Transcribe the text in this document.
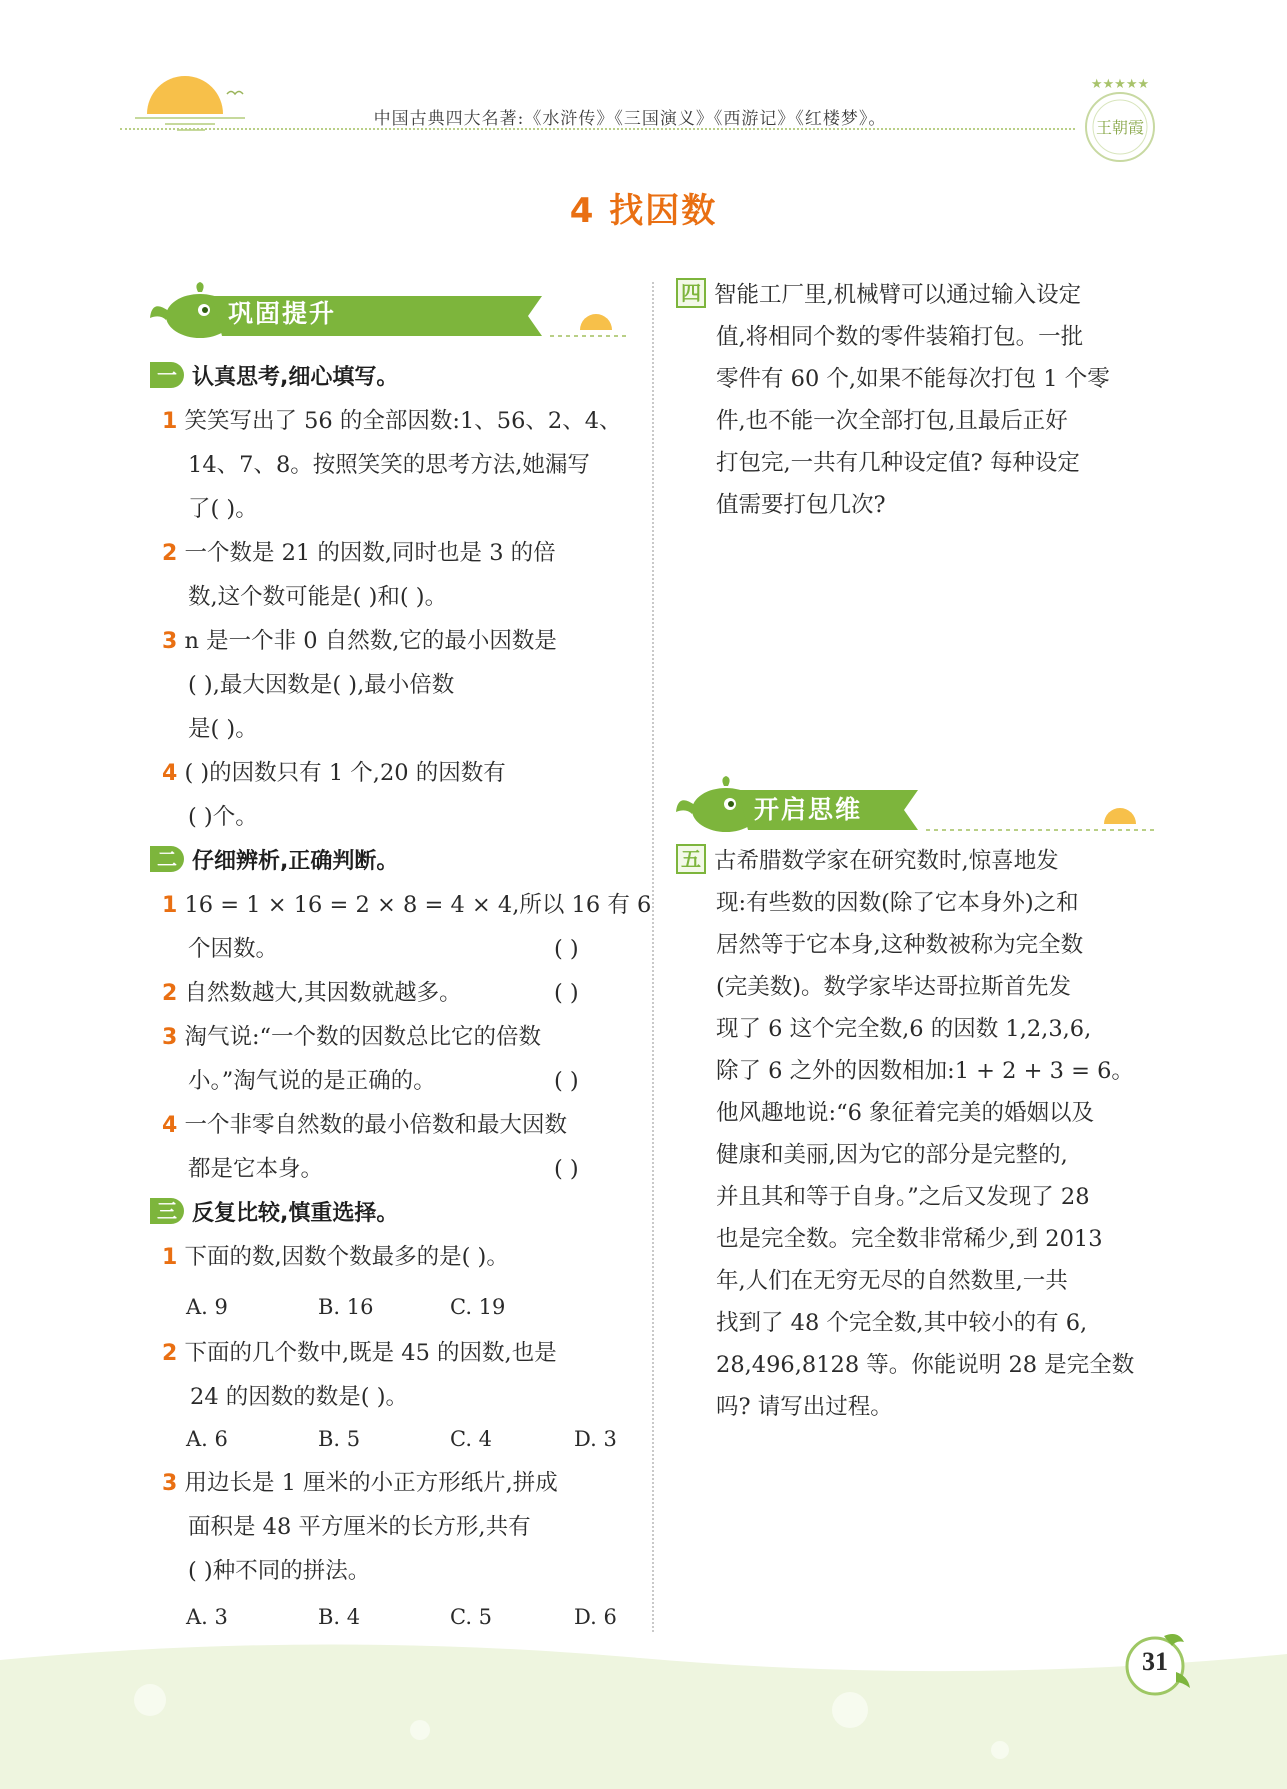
中国古典四大名著:《水浒传》《三国演义》《西游记》《红楼梦》。
★★★★★
王朝霞
4 找因数
巩固提升
一 认真思考,细心填写。
1 笑笑写出了 56 的全部因数:1、56、2、4、
14、7、8。按照笑笑的思考方法,她漏写
了( )。
2 一个数是 21 的因数,同时也是 3 的倍
数,这个数可能是( )和( )。
3 n 是一个非 0 自然数,它的最小因数是
( ),最大因数是( ),最小倍数
是( )。
4 ( )的因数只有 1 个,20 的因数有
( )个。
二 仔细辨析,正确判断。
1 16 = 1 × 16 = 2 × 8 = 4 × 4,所以 16 有 6
个因数。	( )
2 自然数越大,其因数就越多。	( )
3 淘气说:“一个数的因数总比它的倍数
小。”淘气说的是正确的。	( )
4 一个非零自然数的最小倍数和最大因数
都是它本身。	( )
三 反复比较,慎重选择。
1 下面的数,因数个数最多的是( )。
A. 9	B. 16	C. 19
2 下面的几个数中,既是 45 的因数,也是
24 的因数的数是( )。
A. 6	B. 5	C. 4	D. 3
3 用边长是 1 厘米的小正方形纸片,拼成
面积是 48 平方厘米的长方形,共有
( )种不同的拼法。
A. 3	B. 4	C. 5	D. 6
四 智能工厂里,机械臂可以通过输入设定
值,将相同个数的零件装箱打包。一批
零件有 60 个,如果不能每次打包 1 个零
件,也不能一次全部打包,且最后正好
打包完,一共有几种设定值? 每种设定
值需要打包几次?
开启思维
五 古希腊数学家在研究数时,惊喜地发
现:有些数的因数(除了它本身外)之和
居然等于它本身,这种数被称为完全数
(完美数)。数学家毕达哥拉斯首先发
现了 6 这个完全数,6 的因数 1,2,3,6,
除了 6 之外的因数相加:1 + 2 + 3 = 6。
他风趣地说:“6 象征着完美的婚姻以及
健康和美丽,因为它的部分是完整的,
并且其和等于自身。”之后又发现了 28
也是完全数。完全数非常稀少,到 2013
年,人们在无穷无尽的自然数里,一共
找到了 48 个完全数,其中较小的有 6,
28,496,8128 等。你能说明 28 是完全数
吗? 请写出过程。
31
